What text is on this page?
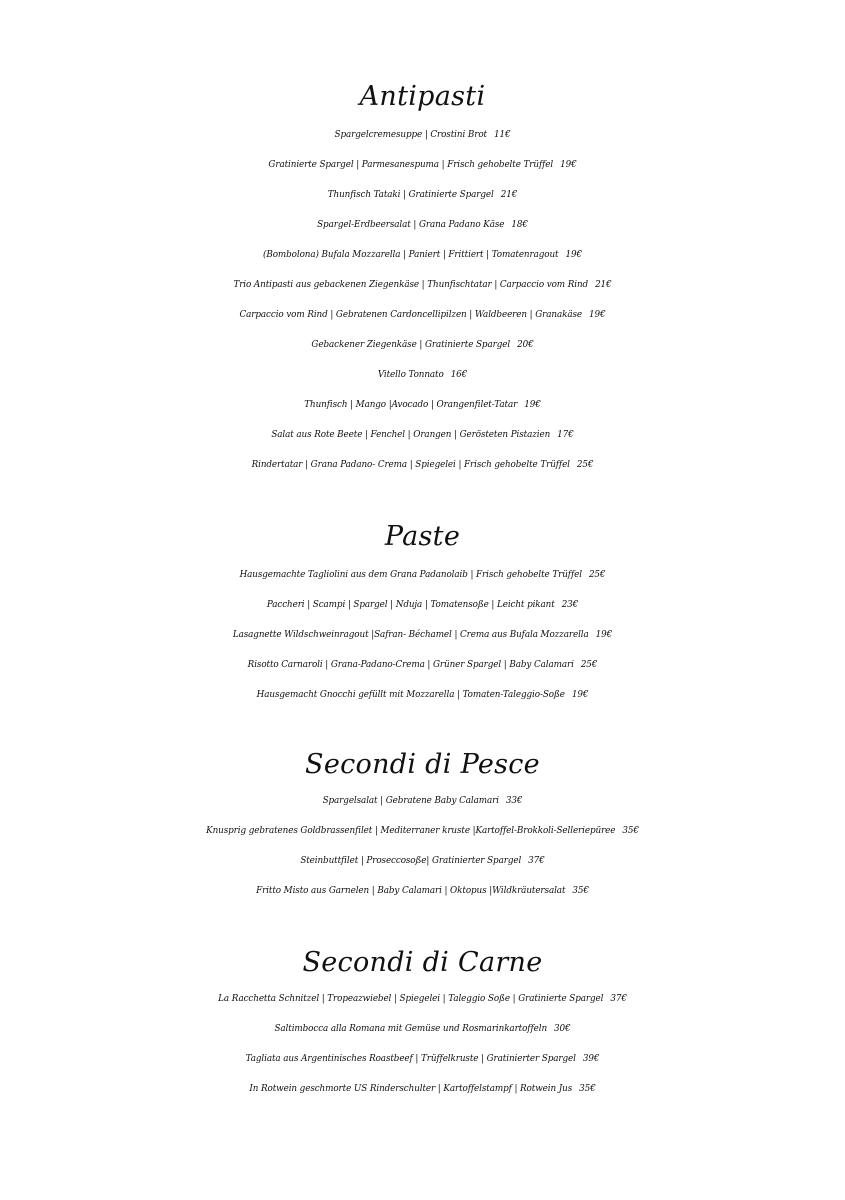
Antipasti
Spargelcremesuppe | Crostini Brot 11€
Gratinierte Spargel | Parmesanespuma | Frisch gehobelte Trüffel 19€
Thunfisch Tataki | Gratinierte Spargel 21€
Spargel-Erdbeersalat | Grana Padano Käse 18€
(Bombolona) Bufala Mozzarella | Paniert | Frittiert | Tomatenragout 19€
Trio Antipasti aus gebackenen Ziegenkäse | Thunfischtatar | Carpaccio vom Rind 21€
Carpaccio vom Rind | Gebratenen Cardoncellipilzen | Waldbeeren | Granakäse 19€
Gebackener Ziegenkäse | Gratinierte Spargel 20€
Vitello Tonnato 16€
Thunfisch | Mango |Avocado | Orangenfilet-Tatar 19€
Salat aus Rote Beete | Fenchel | Orangen | Gerösteten Pistazien 17€
Rindertatar | Grana Padano- Crema | Spiegelei | Frisch gehobelte Trüffel 25€
Paste
Hausgemachte Tagliolini aus dem Grana Padanolaib | Frisch gehobelte Trüffel 25€
Paccheri | Scampi | Spargel | Nduja | Tomatensoße | Leicht pikant 23€
Lasagnette Wildschweinragout |Safran- Béchamel | Crema aus Bufala Mozzarella 19€
Risotto Carnaroli | Grana-Padano-Crema | Grüner Spargel | Baby Calamari 25€
Hausgemacht Gnocchi gefüllt mit Mozzarella | Tomaten-Taleggio-Soße 19€
Secondi di Pesce
Spargelsalat | Gebratene Baby Calamari 33€
Knusprig gebratenes Goldbrassenfilet | Mediterraner kruste |Kartoffel-Brokkoli-Selleriepüree 35€
Steinbuttfilet | Proseccosoße| Gratinierter Spargel 37€
Fritto Misto aus Garnelen | Baby Calamari | Oktopus |Wildkräutersalat 35€
Secondi di Carne
La Racchetta Schnitzel | Tropeazwiebel | Spiegelei | Taleggio Soße | Gratinierte Spargel 37€
Saltimbocca alla Romana mit Gemüse und Rosmarinkartoffeln 30€
Tagliata aus Argentinisches Roastbeef | Trüffelkruste | Gratinierter Spargel 39€
In Rotwein geschmorte US Rinderschulter | Kartoffelstampf | Rotwein Jus 35€
